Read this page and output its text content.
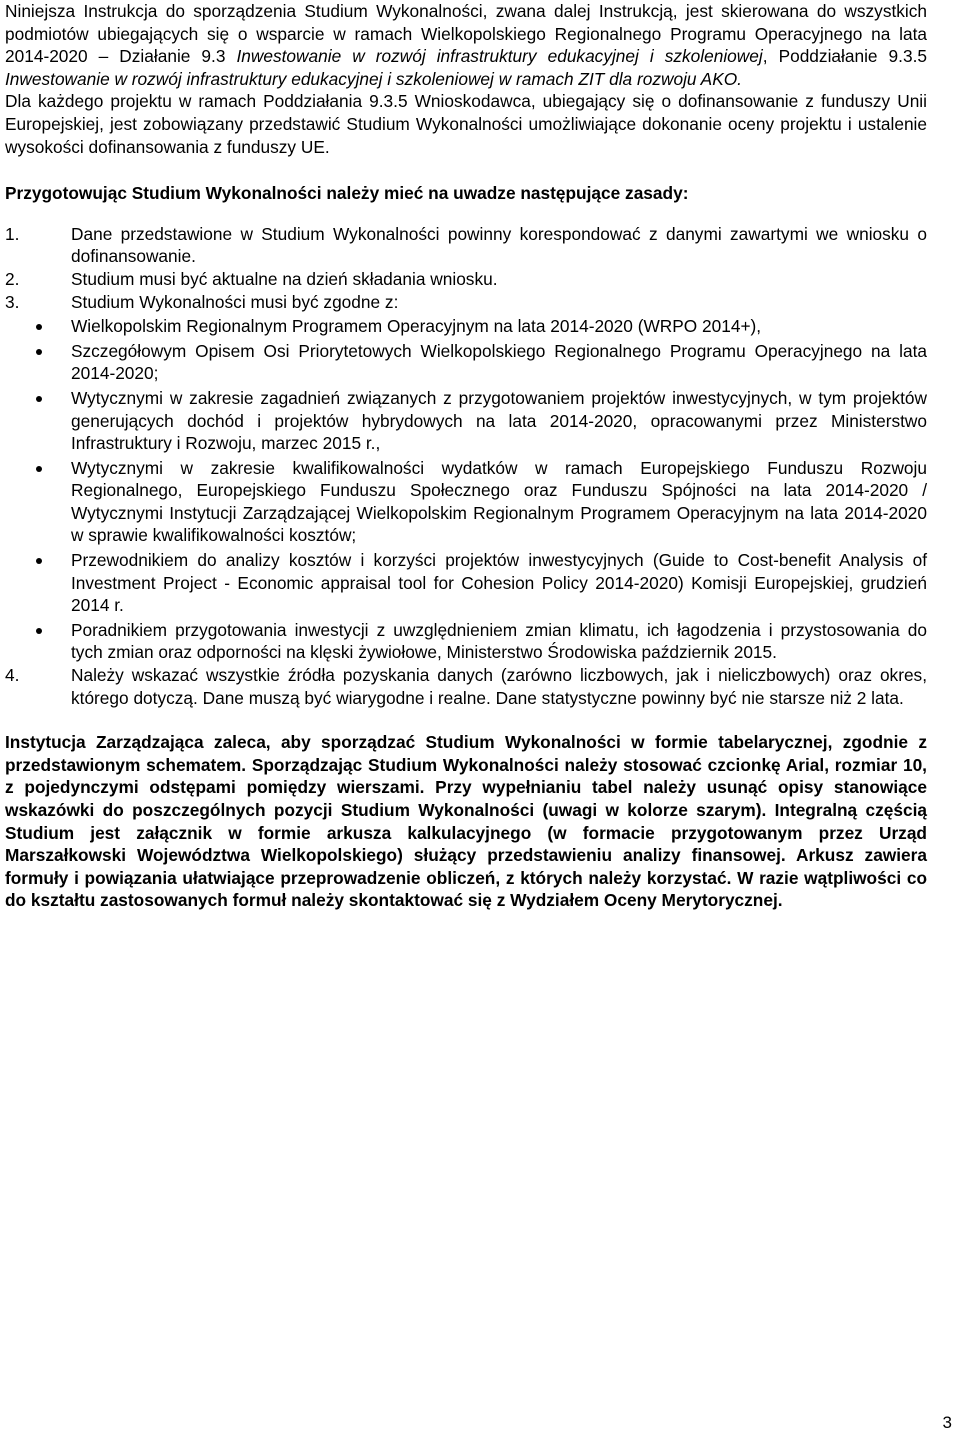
Niniejsza Instrukcja do sporządzenia Studium Wykonalności, zwana dalej Instrukcją, jest skierowana do wszystkich podmiotów ubiegających się o wsparcie w ramach Wielkopolskiego Regionalnego Programu Operacyjnego na lata 2014-2020 – Działanie 9.3 Inwestowanie w rozwój infrastruktury edukacyjnej i szkoleniowej, Poddziałanie 9.3.5 Inwestowanie w rozwój infrastruktury edukacyjnej i szkoleniowej w ramach ZIT dla rozwoju AKO.

Dla każdego projektu w ramach Poddziałania 9.3.5 Wnioskodawca, ubiegający się o dofinansowanie z funduszy Unii Europejskiej, jest zobowiązany przedstawić Studium Wykonalności umożliwiające dokonanie oceny projektu i ustalenie wysokości dofinansowania z funduszy UE.

Przygotowując Studium Wykonalności należy mieć na uwadze następujące zasady:

1.	Dane przedstawione w Studium Wykonalności powinny korespondować z danymi zawartymi we wniosku o dofinansowanie.
2.	Studium musi być aktualne na dzień składania wniosku.
3.	Studium Wykonalności musi być zgodne z:
Wielkopolskim Regionalnym Programem Operacyjnym na lata 2014-2020 (WRPO 2014+),
Szczegółowym Opisem Osi Priorytetowych Wielkopolskiego Regionalnego Programu Operacyjnego na lata 2014-2020;
Wytycznymi w zakresie zagadnień związanych z przygotowaniem projektów inwestycyjnych, w tym projektów generujących dochód i projektów hybrydowych na lata 2014-2020, opracowanymi przez Ministerstwo Infrastruktury i Rozwoju, marzec 2015 r.,
Wytycznymi w zakresie kwalifikowalności wydatków w ramach Europejskiego Funduszu Rozwoju Regionalnego, Europejskiego Funduszu Społecznego oraz Funduszu Spójności na lata 2014-2020 / Wytycznymi Instytucji Zarządzającej Wielkopolskim Regionalnym Programem Operacyjnym na lata 2014-2020 w sprawie kwalifikowalności kosztów;
Przewodnikiem do analizy kosztów i korzyści projektów inwestycyjnych (Guide to Cost-benefit Analysis of Investment Project - Economic appraisal tool for Cohesion Policy 2014-2020) Komisji Europejskiej, grudzień 2014 r.
Poradnikiem przygotowania inwestycji z uwzględnieniem zmian klimatu, ich łagodzenia i przystosowania do tych zmian oraz odporności na klęski żywiołowe, Ministerstwo Środowiska październik 2015.
4.	Należy wskazać wszystkie źródła pozyskania danych (zarówno liczbowych, jak i nieliczbowych) oraz okres, którego dotyczą. Dane muszą być wiarygodne i realne. Dane statystyczne powinny być nie starsze niż 2 lata.

Instytucja Zarządzająca zaleca, aby sporządzać Studium Wykonalności w formie tabelarycznej, zgodnie z przedstawionym schematem. Sporządzając Studium Wykonalności należy stosować czcionkę Arial, rozmiar 10, z pojedynczymi odstępami pomiędzy wierszami. Przy wypełnianiu tabel należy usunąć opisy stanowiące wskazówki do poszczególnych pozycji Studium Wykonalności (uwagi w kolorze szarym). Integralną częścią Studium jest załącznik w formie arkusza kalkulacyjnego (w formacie przygotowanym przez Urząd Marszałkowski Województwa Wielkopolskiego) służący przedstawieniu analizy finansowej. Arkusz zawiera formuły i powiązania ułatwiające przeprowadzenie obliczeń, z których należy korzystać. W razie wątpliwości co do kształtu zastosowanych formuł należy skontaktować się z Wydziałem Oceny Merytorycznej.

3
